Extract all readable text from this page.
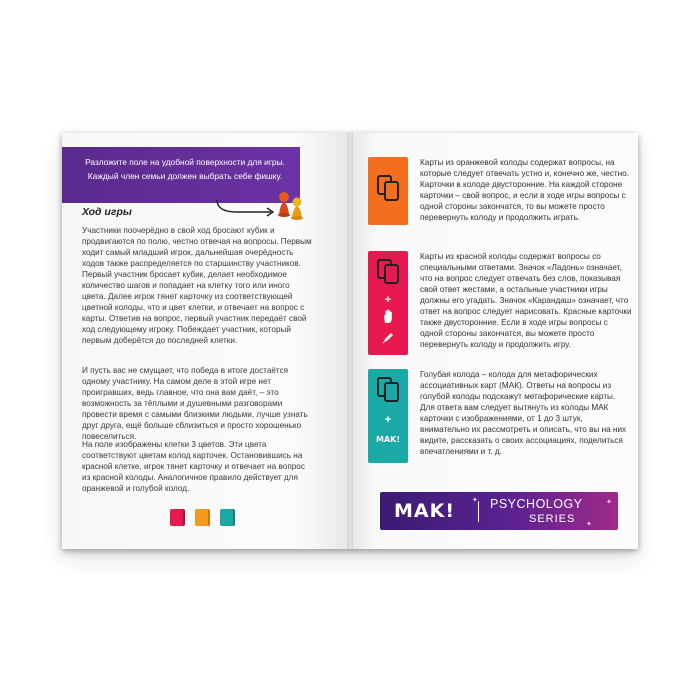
Разложите поле на удобной поверхности для игры. Каждый член семьи должен выбрать себе фишку.
Ход игры
Участники поочерёдно в свой ход бросают кубик и продвигаются по полю, честно отвечая на вопросы. Первым ходит самый младший игрок, дальнейшая очерёдность ходов также распределяется по старшинству участников. Первый участник бросает кубик, делает необходимое количество шагов и попадает на клетку того или иного цвета. Далее игрок тянет карточку из соответствующей цветной колоды, что и цвет клетки, и отвечает на вопрос с карты. Ответив на вопрос, первый участник передаёт свой ход следующему игроку. Побеждает участник, который первым доберётся до последней клетки.
И пусть вас не смущает, что победа в итоге достаётся одному участнику. На самом деле в этой игре нет проигравших, ведь главное, что она вам даёт, – это возможность за тёплыми и душевными разговорами провести время с самыми близкими людьми, лучше узнать друг друга, ещё больше сблизиться и просто хорошенько повеселиться.
На поле изображены клетки 3 цветов. Эти цвета соответствуют цветам колод карточек. Остановившись на красной клетке, игрок тянет карточку и отвечает на вопрос из красной колоды. Аналогичное правило действует для оранжевой и голубой колод.
Карты из оранжевой колоды содержат вопросы, на которые следует отвечать устно и, конечно же, честно. Карточки в колоде двусторонние. На каждой стороне карточки – свой вопрос, и если в ходе игры вопросы с одной стороны закончатся, то вы можете просто перевернуть колоду и продолжить играть.
+
Карты из красной колоды содержат вопросы со специальными ответами. Значок «Ладонь» означает, что на вопрос следует отвечать без слов, показывая свой ответ жестами, а остальные участники игры должны его угадать. Значок «Карандаш» означает, что ответ на вопрос следует нарисовать. Красные карточки также двусторонние. Если в ходе игры вопросы с одной стороны закончатся, вы можете просто перевернуть колоду и продолжить игру.
+
MAK!
Голубая колода – колода для метафорических ассоциативных карт (МАК). Ответы на вопросы из голубой колоды подскажут метафорические карты. Для ответа вам следует вытянуть из колоды МАК карточки с изображениями, от 1 до 3 штук, внимательно их рассмотреть и описать, что вы на них видите, рассказать о своих ассоциациях, поделиться впечатлениями и т. д.
✦
✦
✦
MAK!	PSYCHOLOGY
SERIES
